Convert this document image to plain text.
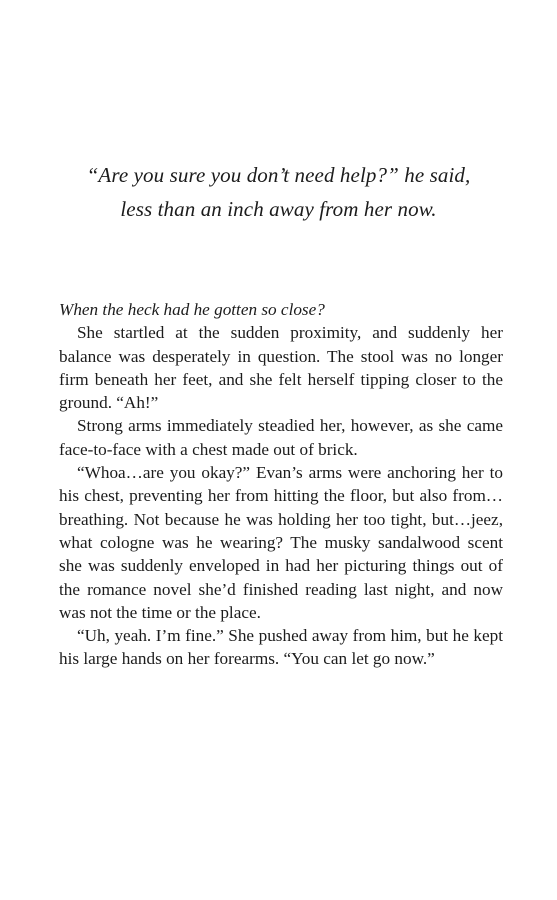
“Are you sure you don’t need help?” he said,

less than an inch away from her now.

When the heck had he gotten so close?

She startled at the sudden proximity, and suddenly her balance was desperately in question. The stool was no longer firm beneath her feet, and she felt herself tipping closer to the ground. “Ah!”

Strong arms immediately steadied her, however, as she came face-to-face with a chest made out of brick.

“Whoa…are you okay?” Evan’s arms were anchoring her to his chest, preventing her from hitting the floor, but also from…breathing. Not because he was holding her too tight, but…jeez, what cologne was he wearing? The musky sandalwood scent she was suddenly enveloped in had her picturing things out of the romance novel she’d finished reading last night, and now was not the time or the place.

“Uh, yeah. I’m fine.” She pushed away from him, but he kept his large hands on her forearms. “You can let go now.”
